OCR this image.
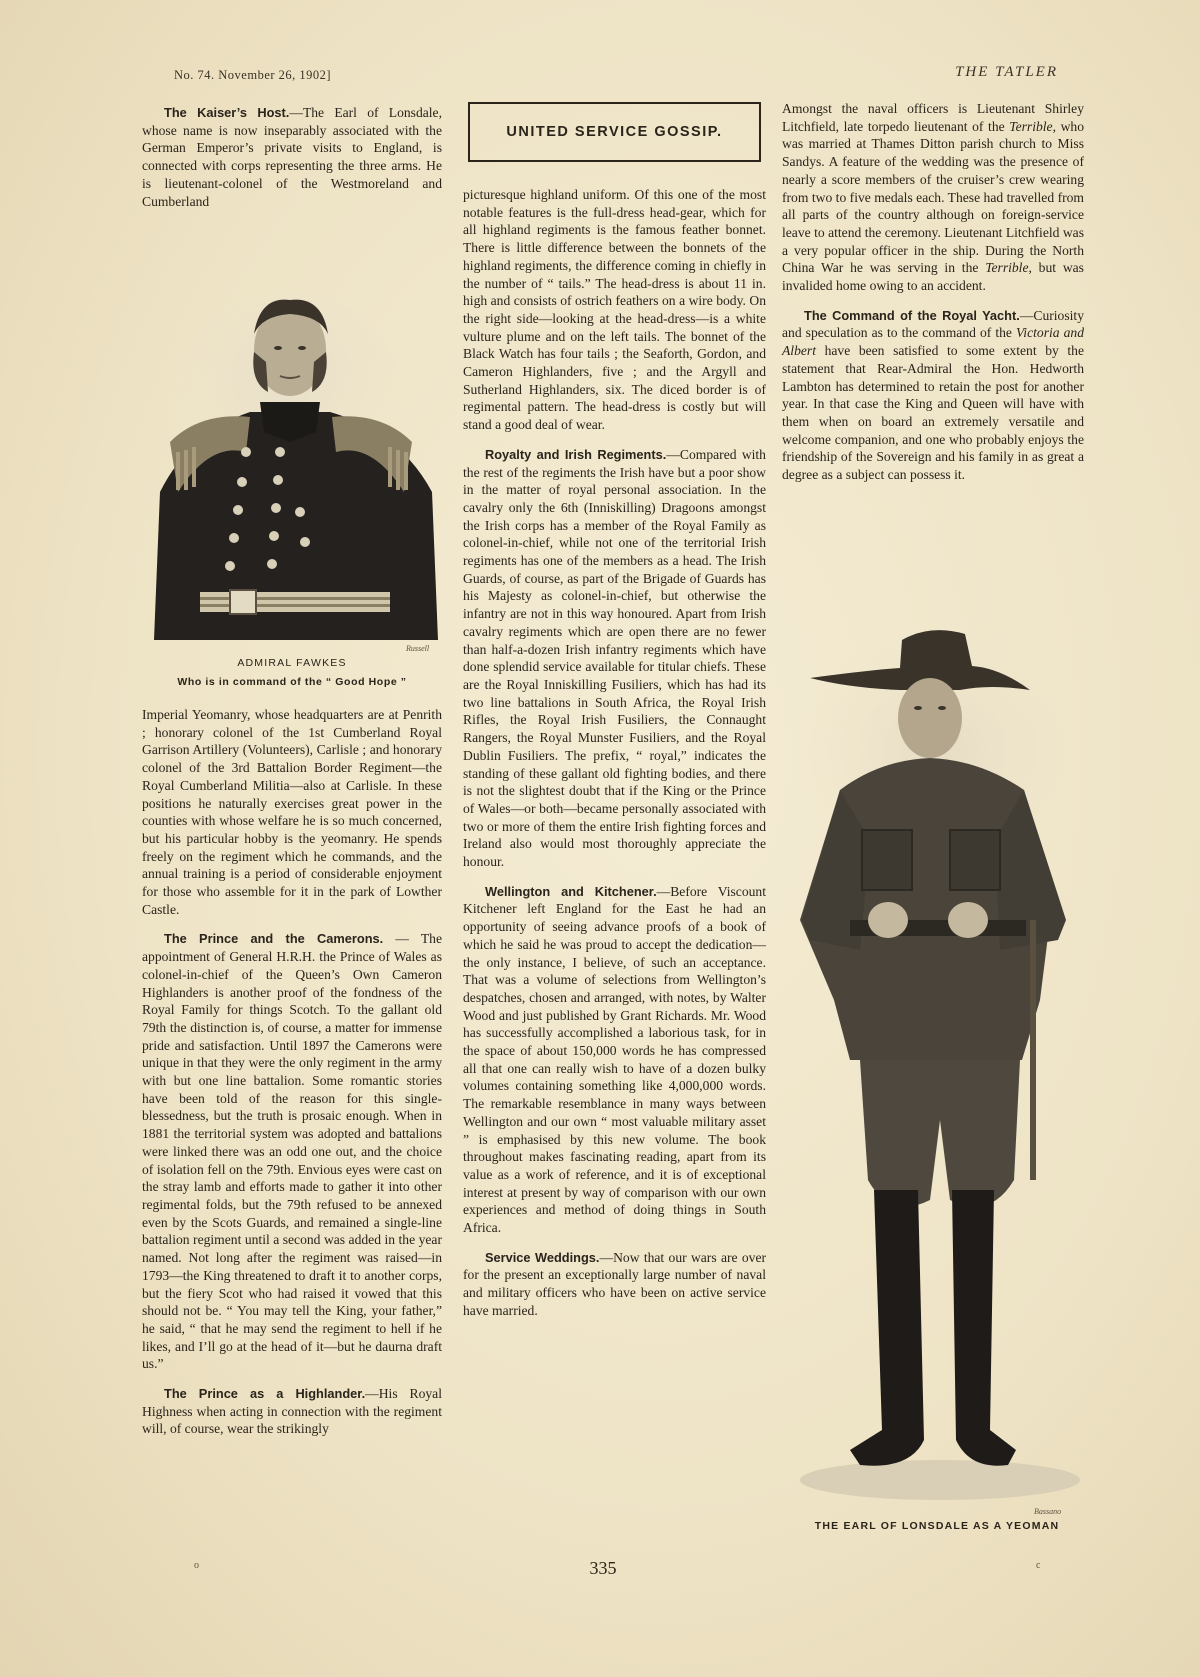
No. 74. November 26, 1902]	THE TATLER
UNITED SERVICE GOSSIP.

The Kaiser’s Host.—The Earl of Lonsdale, whose name is now inseparably associated with the German Emperor’s private visits to England, is connected with corps representing the three arms. He is lieutenant-colonel of the Westmoreland and Cumberland

Russell
ADMIRAL FAWKES
Who is in command of the “ Good Hope ”

Imperial Yeomanry, whose headquarters are at Penrith ; honorary colonel of the 1st Cumberland Royal Garrison Artillery (Volunteers), Carlisle ; and honorary colonel of the 3rd Battalion Border Regiment—the Royal Cumberland Militia—also at Carlisle. In these positions he naturally exercises great power in the counties with whose welfare he is so much concerned, but his particular hobby is the yeomanry. He spends freely on the regiment which he commands, and the annual training is a period of considerable enjoyment for those who assemble for it in the park of Lowther Castle.

The Prince and the Camerons. — The appointment of General H.R.H. the Prince of Wales as colonel-in-chief of the Queen’s Own Cameron Highlanders is another proof of the fondness of the Royal Family for things Scotch. To the gallant old 79th the distinction is, of course, a matter for immense pride and satisfaction. Until 1897 the Camerons were unique in that they were the only regiment in the army with but one line battalion. Some romantic stories have been told of the reason for this single-blessedness, but the truth is prosaic enough. When in 1881 the territorial system was adopted and battalions were linked there was an odd one out, and the choice of isolation fell on the 79th. Envious eyes were cast on the stray lamb and efforts made to gather it into other regimental folds, but the 79th refused to be annexed even by the Scots Guards, and remained a single-line battalion regiment until a second was added in the year named. Not long after the regiment was raised—in 1793—the King threatened to draft it to another corps, but the fiery Scot who had raised it vowed that this should not be. “ You may tell the King, your father,” he said, “ that he may send the regiment to hell if he likes, and I’ll go at the head of it—but he daurna draft us.”

The Prince as a Highlander.—His Royal Highness when acting in connection with the regiment will, of course, wear the strikingly

picturesque highland uniform. Of this one of the most notable features is the full-dress head-gear, which for all highland regiments is the famous feather bonnet. There is little difference between the bonnets of the highland regiments, the difference coming in chiefly in the number of “ tails.” The head-dress is about 11 in. high and consists of ostrich feathers on a wire body. On the right side—looking at the head-dress—is a white vulture plume and on the left tails. The bonnet of the Black Watch has four tails ; the Seaforth, Gordon, and Cameron Highlanders, five ; and the Argyll and Sutherland Highlanders, six. The diced border is of regimental pattern. The head-dress is costly but will stand a good deal of wear.

Royalty and Irish Regiments.—Compared with the rest of the regiments the Irish have but a poor show in the matter of royal personal association. In the cavalry only the 6th (Inniskilling) Dragoons amongst the Irish corps has a member of the Royal Family as colonel-in-chief, while not one of the territorial Irish regiments has one of the members as a head. The Irish Guards, of course, as part of the Brigade of Guards has his Majesty as colonel-in-chief, but otherwise the infantry are not in this way honoured. Apart from Irish cavalry regiments which are open there are no fewer than half-a-dozen Irish infantry regiments which have done splendid service available for titular chiefs. These are the Royal Inniskilling Fusiliers, which has had its two line battalions in South Africa, the Royal Irish Rifles, the Royal Irish Fusiliers, the Connaught Rangers, the Royal Munster Fusiliers, and the Royal Dublin Fusiliers. The prefix, “ royal,” indicates the standing of these gallant old fighting bodies, and there is not the slightest doubt that if the King or the Prince of Wales—or both—became personally associated with two or more of them the entire Irish fighting forces and Ireland also would most thoroughly appreciate the honour.

Wellington and Kitchener.—Before Viscount Kitchener left England for the East he had an opportunity of seeing advance proofs of a book of which he said he was proud to accept the dedication—the only instance, I believe, of such an acceptance. That was a volume of selections from Wellington’s despatches, chosen and arranged, with notes, by Walter Wood and just published by Grant Richards. Mr. Wood has successfully accomplished a laborious task, for in the space of about 150,000 words he has compressed all that one can really wish to have of a dozen bulky volumes containing something like 4,000,000 words. The remarkable resemblance in many ways between Wellington and our own “ most valuable military asset ” is emphasised by this new volume. The book throughout makes fascinating reading, apart from its value as a work of reference, and it is of exceptional interest at present by way of comparison with our own experiences and method of doing things in South Africa.

Service Weddings.—Now that our wars are over for the present an exceptionally large number of naval and military officers who have been on active service have married.

Amongst the naval officers is Lieutenant Shirley Litchfield, late torpedo lieutenant of the Terrible, who was married at Thames Ditton parish church to Miss Sandys. A feature of the wedding was the presence of nearly a score members of the cruiser’s crew wearing from two to five medals each. These had travelled from all parts of the country although on foreign-service leave to attend the ceremony. Lieutenant Litchfield was a very popular officer in the ship. During the North China War he was serving in the Terrible, but was invalided home owing to an accident.

The Command of the Royal Yacht.—Curiosity and speculation as to the command of the Victoria and Albert have been satisfied to some extent by the statement that Rear-Admiral the Hon. Hedworth Lambton has determined to retain the post for another year. In that case the King and Queen will have with them when on board an extremely versatile and welcome companion, and one who probably enjoys the friendship of the Sovereign and his family in as great a degree as a subject can possess it.

Bassano
THE EARL OF LONSDALE AS A YEOMAN
335
o	c
